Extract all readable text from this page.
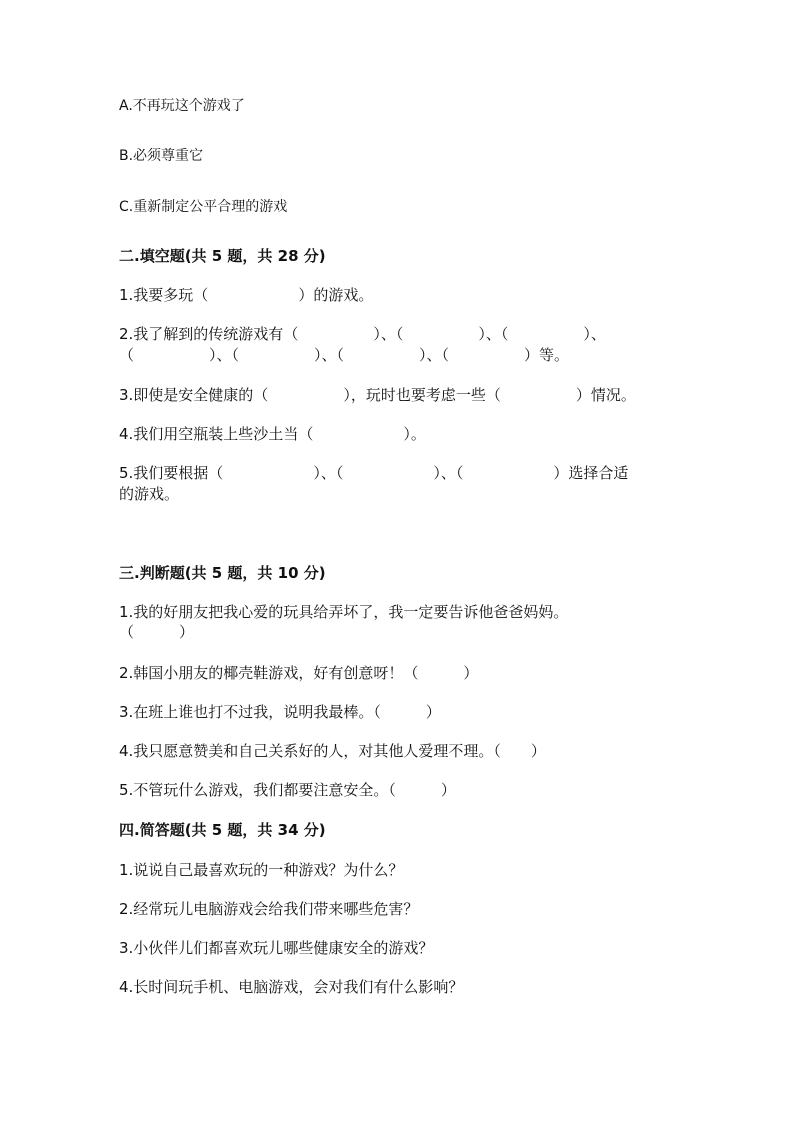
A.不再玩这个游戏了
B.必须尊重它
C.重新制定公平合理的游戏
二.填空题(共 5 题，共 28 分)
1.我要多玩（　　　　　　）的游戏。
2.我了解到的传统游戏有（　　　　　）、（　　　　　）、（　　　　　）、
（　　　　　）、（　　　　　）、（　　　　　）、（　　　　　）等。
3.即使是安全健康的（　　　　　），玩时也要考虑一些（　　　　　）情况。
4.我们用空瓶装上些沙土当（　　　　　　）。
5.我们要根据（　　　　　　）、（　　　　　　）、（　　　　　　）选择合适
的游戏。
三.判断题(共 5 题，共 10 分)
1.我的好朋友把我心爱的玩具给弄坏了，我一定要告诉他爸爸妈妈。
（　　　）
2.韩国小朋友的椰壳鞋游戏，好有创意呀！（　　　）
3.在班上谁也打不过我，说明我最棒。（　　　）
4.我只愿意赞美和自己关系好的人，对其他人爱理不理。（　　）
5.不管玩什么游戏，我们都要注意安全。（　　　）
四.简答题(共 5 题，共 34 分)
1.说说自己最喜欢玩的一种游戏？为什么？
2.经常玩儿电脑游戏会给我们带来哪些危害？
3.小伙伴儿们都喜欢玩儿哪些健康安全的游戏？
4.长时间玩手机、电脑游戏，会对我们有什么影响？
